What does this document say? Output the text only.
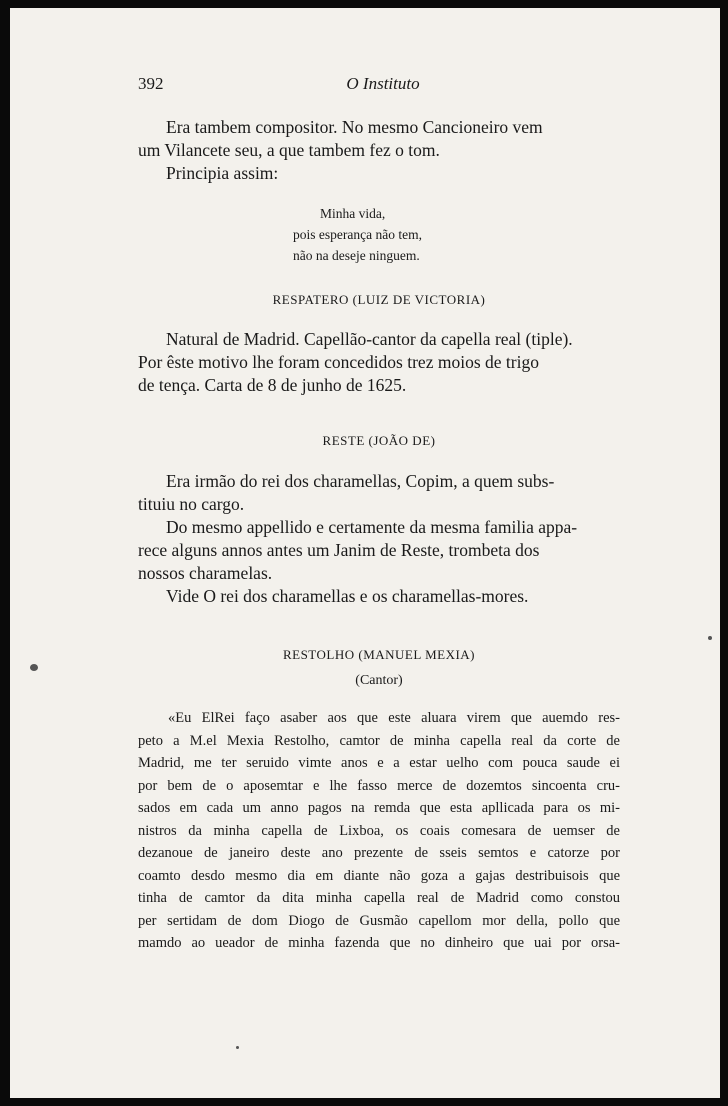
392	O Instituto

Era tambem compositor. No mesmo Cancioneiro vem

um Vilancete seu, a que tambem fez o tom.

Principia assim:

Minha vida,
pois esperança não tem,
não na deseje ninguem.
RESPATERO (LUIZ DE VICTORIA)

Natural de Madrid. Capellão-cantor da capella real (tiple).

Por êste motivo lhe foram concedidos trez moios de trigo

de tença. Carta de 8 de junho de 1625.

RESTE (JOÃO DE)

Era irmão do rei dos charamellas, Copim, a quem subs-

tituiu no cargo.

Do mesmo appellido e certamente da mesma familia appa-

rece alguns annos antes um Janim de Reste, trombeta dos

nossos charamelas.

Vide O rei dos charamellas e os charamellas-mores.

RESTOLHO (MANUEL MEXIA)
(Cantor)

«Eu ElRei faço asaber aos que este aluara virem que auemdo res-

peto a M.el Mexia Restolho, camtor de minha capella real da corte de

Madrid, me ter seruido vimte anos e a estar uelho com pouca saude ei

por bem de o aposemtar e lhe fasso merce de dozemtos sincoenta cru-

sados em cada um anno pagos na remda que esta apllicada para os mi-

nistros da minha capella de Lixboa, os coais comesara de uemser de

dezanoue de janeiro deste ano prezente de sseis semtos e catorze por

coamto desdo mesmo dia em diante não goza a gajas destribuisois que

tinha de camtor da dita minha capella real de Madrid como constou

per sertidam de dom Diogo de Gusmão capellom mor della, pollo que

mamdo ao ueador de minha fazenda que no dinheiro que uai por orsa-
